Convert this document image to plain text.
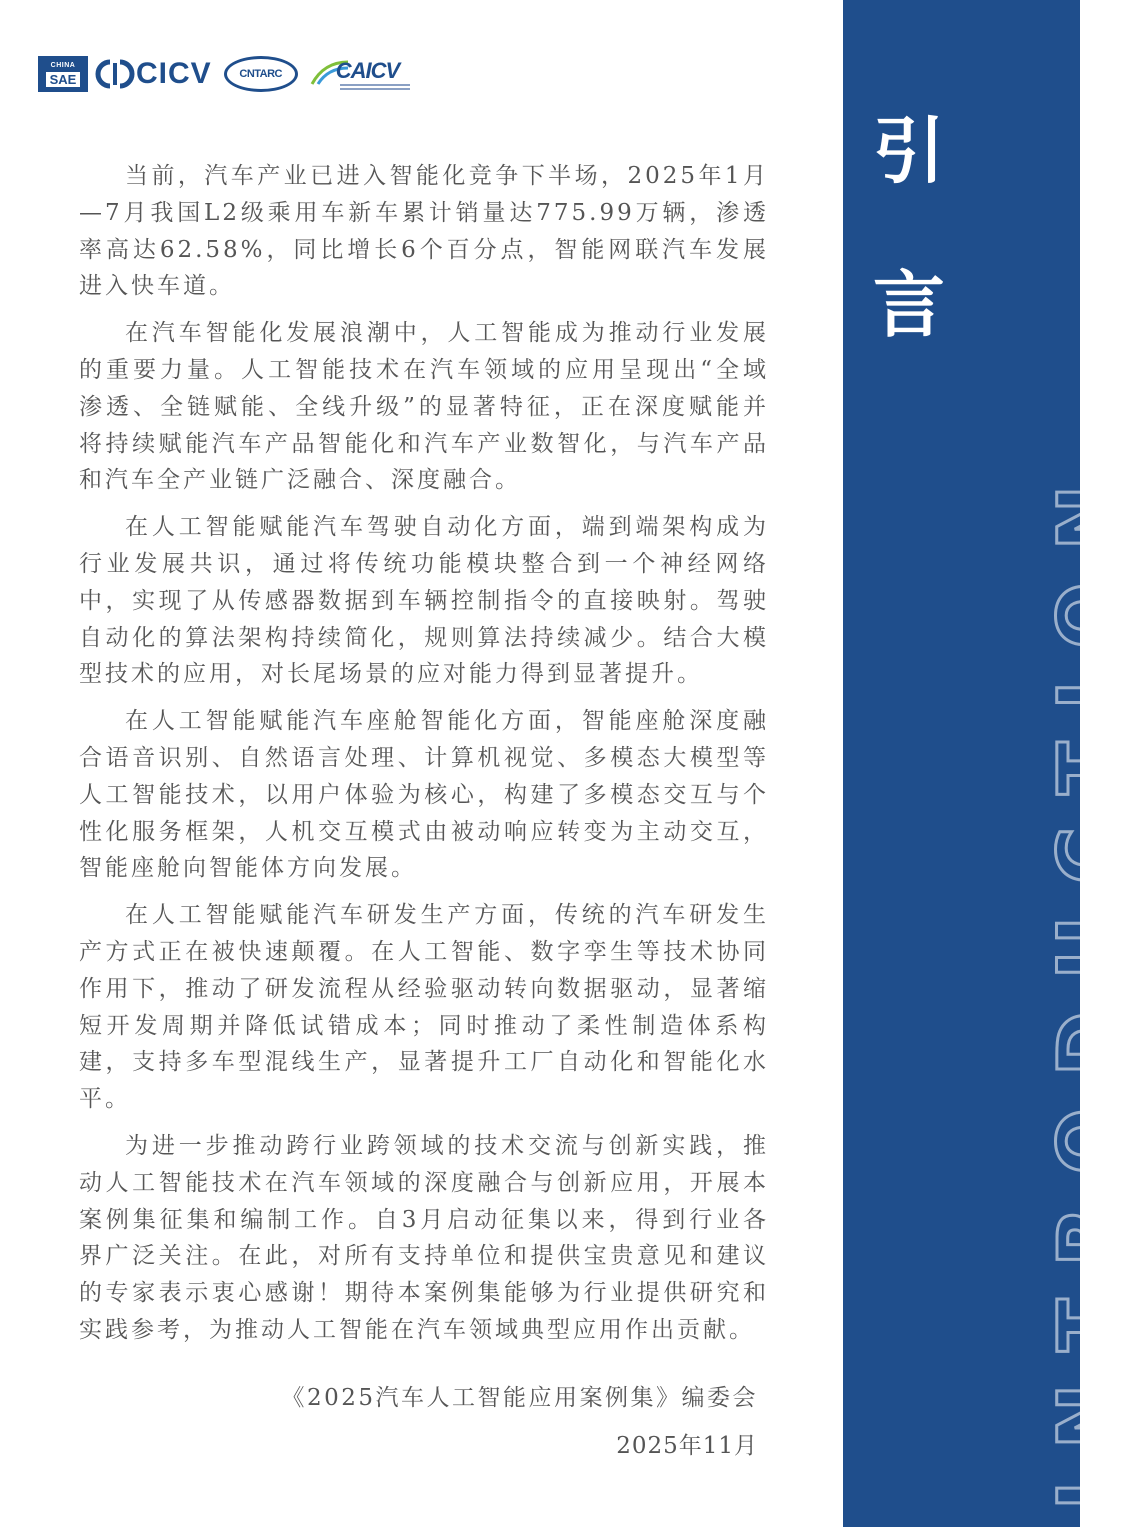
CHINA
SAE CICV	CNTARC CAICV

当前，汽车产业已进入智能化竞争下半场，2025年1月—7月我国L2级乘用车新车累计销量达775.99万辆，渗透率高达62.58%，同比增长6个百分点，智能网联汽车发展进入快车道。

在汽车智能化发展浪潮中，人工智能成为推动行业发展的重要力量。人工智能技术在汽车领域的应用呈现出“全域渗透、全链赋能、全线升级”的显著特征，正在深度赋能并将持续赋能汽车产品智能化和汽车产业数智化，与汽车产品和汽车全产业链广泛融合、深度融合。

在人工智能赋能汽车驾驶自动化方面，端到端架构成为行业发展共识，通过将传统功能模块整合到一个神经网络中，实现了从传感器数据到车辆控制指令的直接映射。驾驶自动化的算法架构持续简化，规则算法持续减少。结合大模型技术的应用，对长尾场景的应对能力得到显著提升。

在人工智能赋能汽车座舱智能化方面，智能座舱深度融合语音识别、自然语言处理、计算机视觉、多模态大模型等人工智能技术，以用户体验为核心，构建了多模态交互与个性化服务框架，人机交互模式由被动响应转变为主动交互，智能座舱向智能体方向发展。

在人工智能赋能汽车研发生产方面，传统的汽车研发生产方式正在被快速颠覆。在人工智能、数字孪生等技术协同作用下，推动了研发流程从经验驱动转向数据驱动，显著缩短开发周期并降低试错成本；同时推动了柔性制造体系构建，支持多车型混线生产，显著提升工厂自动化和智能化水平。

为进一步推动跨行业跨领域的技术交流与创新实践，推动人工智能技术在汽车领域的深度融合与创新应用，开展本案例集征集和编制工作。自3月启动征集以来，得到行业各界广泛关注。在此，对所有支持单位和提供宝贵意见和建议的专家表示衷心感谢！期待本案例集能够为行业提供研究和实践参考，为推动人工智能在汽车领域典型应用作出贡献。

《2025汽车人工智能应用案例集》编委会
2025年11月
引言
INTRODUCTION
